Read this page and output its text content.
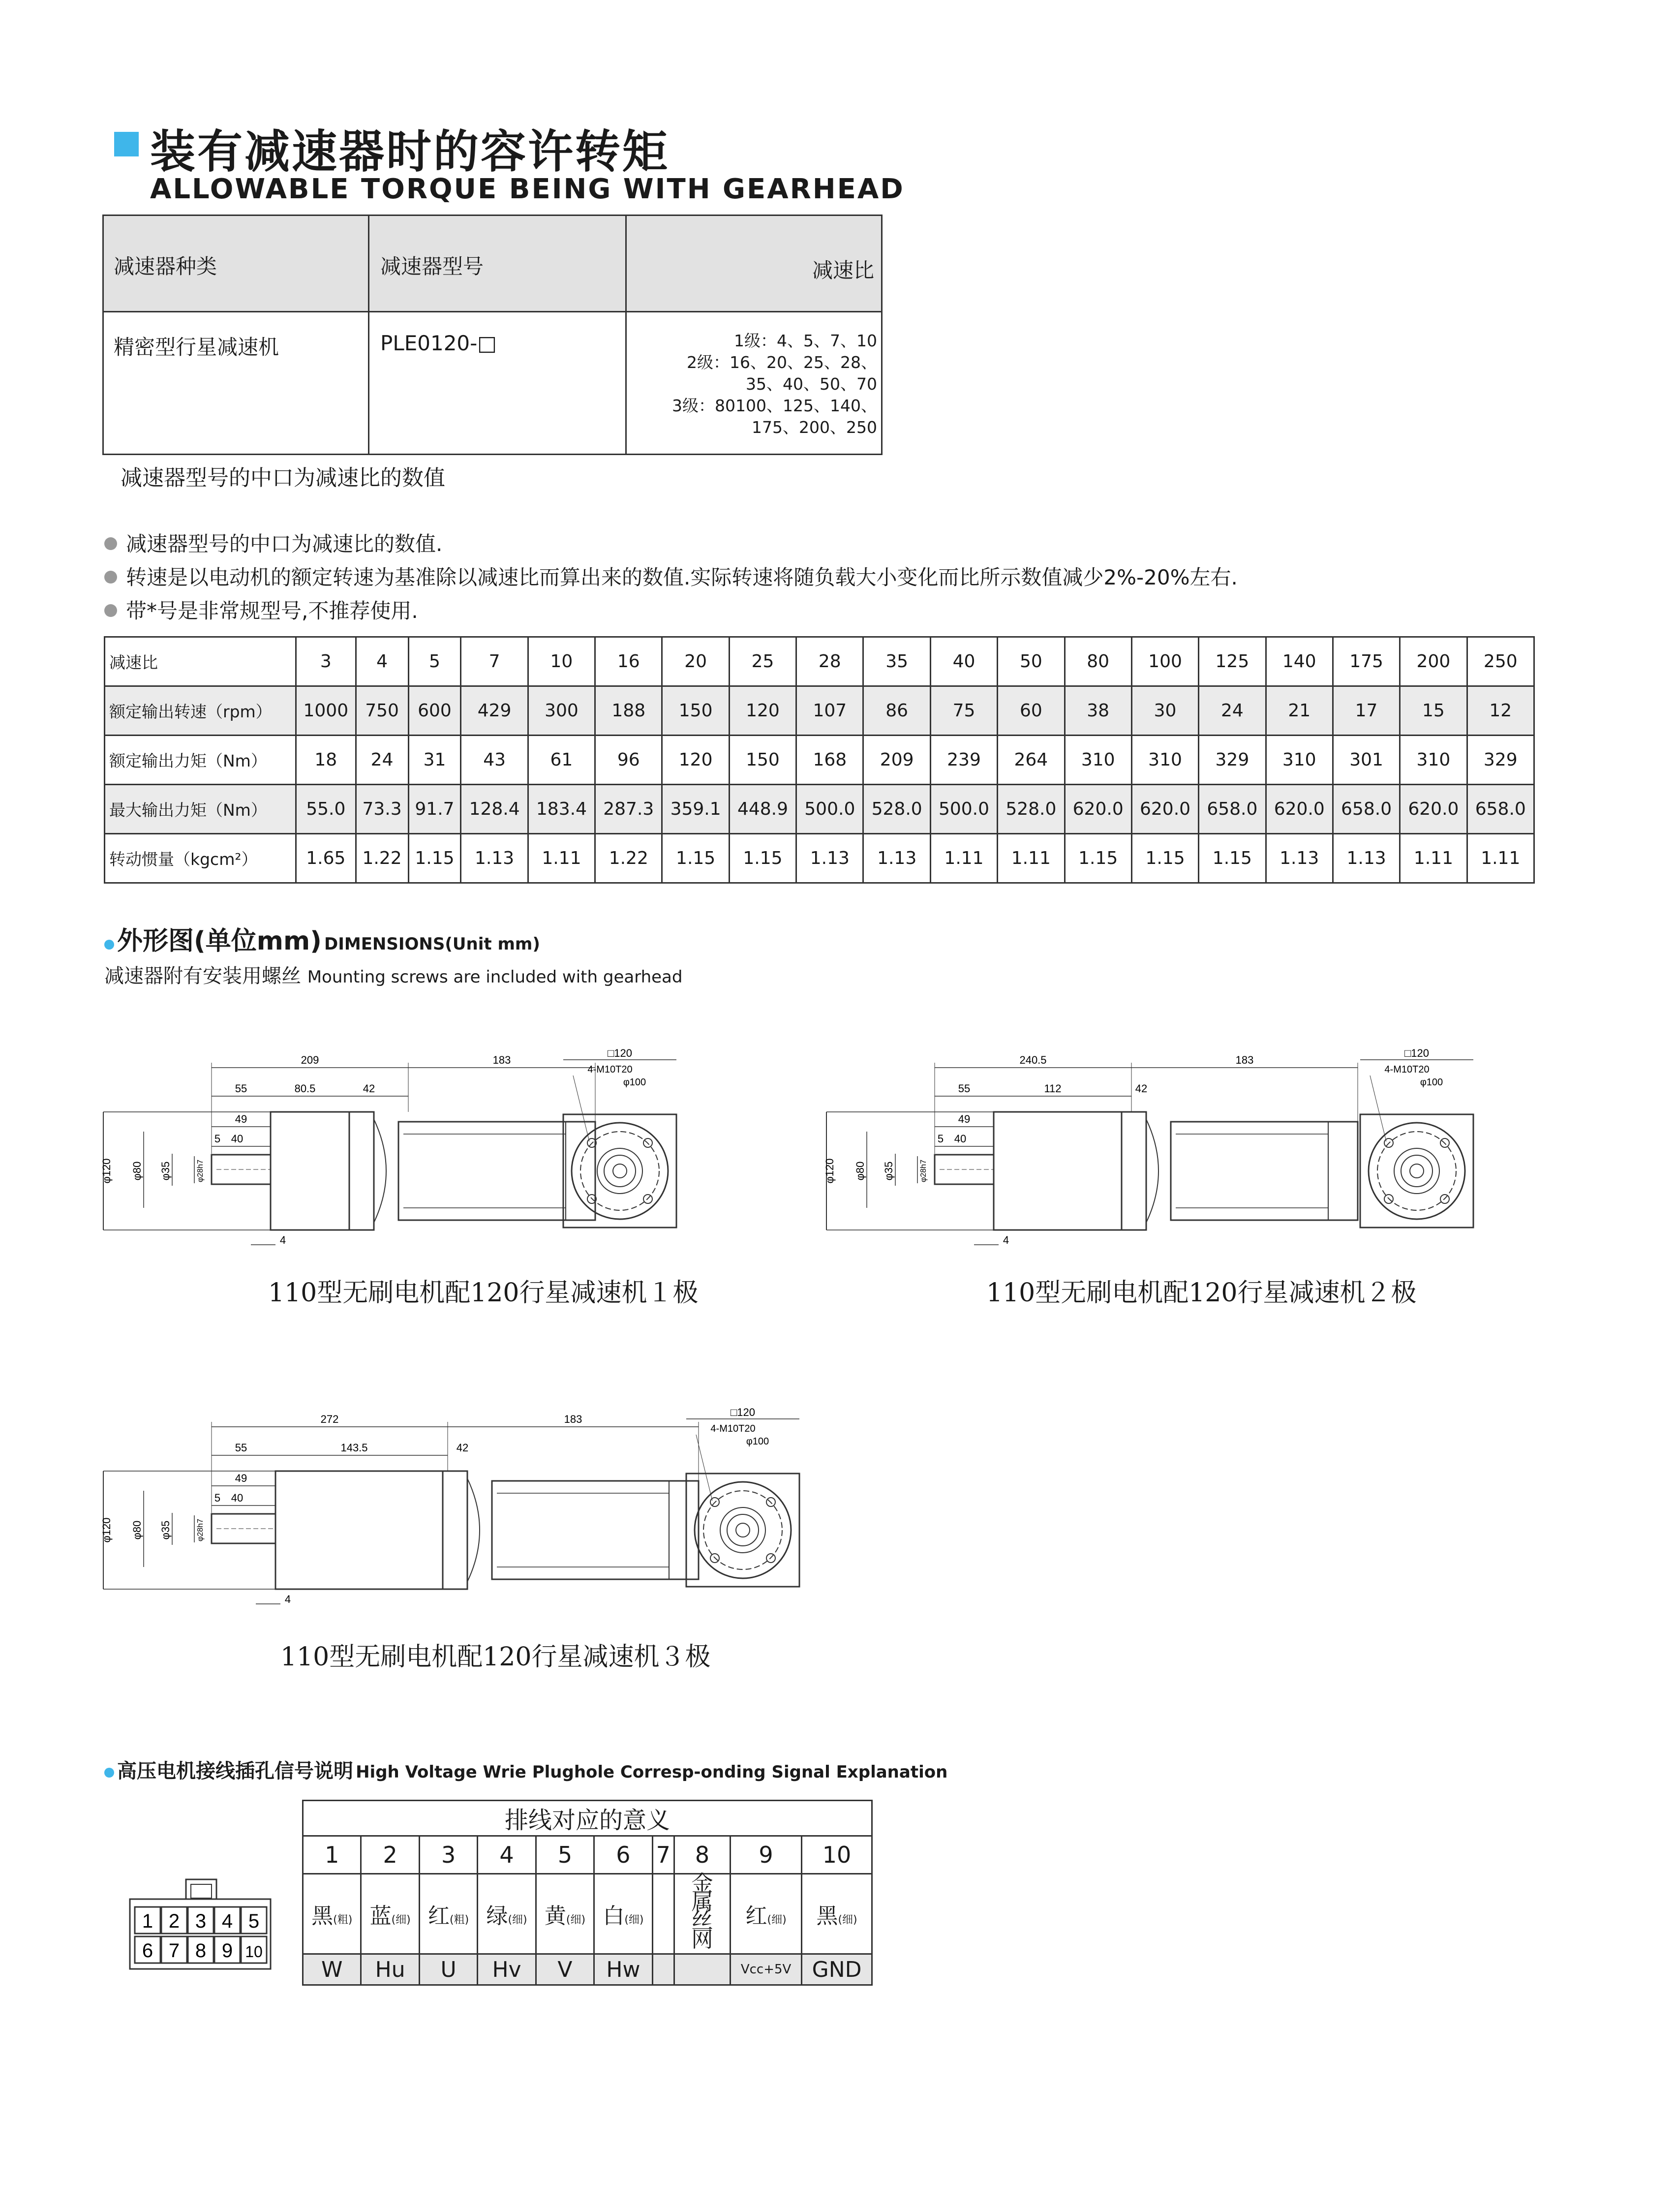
装有减速器时的容许转矩
ALLOWABLE TORQUE BEING WITH GEARHEAD
减速器种类	减速器型号	减速比
精密型行星减速机	PLE0120-□	1级：4、5、7、10
2级：16、20、25、28、
35、40、50、70
3级：80100、125、140、
175、200、250
减速器型号的中口为减速比的数值
减速器型号的中口为减速比的数值.
转速是以电动机的额定转速为基准除以减速比而算出来的数值.实际转速将随负载大小变化而比所示数值减少2%-20%左右.
带*号是非常规型号,不推荐使用.
减速比	3	4	5	7	10	16	20	25	28	35	40	50	80	100	125	140	175	200	250
额定输出转速（rpm）	1000	750	600	429	300	188	150	120	107	86	75	60	38	30	24	21	17	15	12
额定输出力矩（Nm）	18	24	31	43	61	96	120	150	168	209	239	264	310	310	329	310	301	310	329
最大输出力矩（Nm）	55.0	73.3	91.7	128.4	183.4	287.3	359.1	448.9	500.0	528.0	500.0	528.0	620.0	620.0	658.0	620.0	658.0	620.0	658.0
转动惯量（kgcm²）	1.65	1.22	1.15	1.13	1.11	1.22	1.15	1.15	1.13	1.13	1.11	1.11	1.15	1.15	1.15	1.13	1.13	1.11	1.11
外形图(单位mm) DIMENSIONS(Unit mm)
减速器附有安装用螺丝 Mounting screws are included with gearhead
209	183
55	80.5	42
49
40
5
4
φ120 φ80 φ35	φ28h7
□120
4-M10T20
φ100
240.5	183
55	112	42
49
40
5
4
φ120 φ80 φ35	φ28h7
□120
4-M10T20
φ100
272	183
55	143.5	42
49
40
5
4
φ120 φ80 φ35	φ28h7
□120
4-M10T20
φ100
110型无刷电机配120行星减速机１极	110型无刷电机配120行星减速机２极
110型无刷电机配120行星减速机３极
高压电机接线插孔信号说明 High Voltage Wrie Plughole Corresp-onding Signal Explanation
1
6
2
7
3
8
4
9
5
10
排线对应的意义									
1	2	3	4	5	6	7	8	9	10
黑(粗)	蓝(细)	红(粗)	绿(细)	黄(细)	白(细)		金属丝网	红(细)	黑(细)
W	Hu	U	Hv	V	Hw			Vcc+5V	GND
